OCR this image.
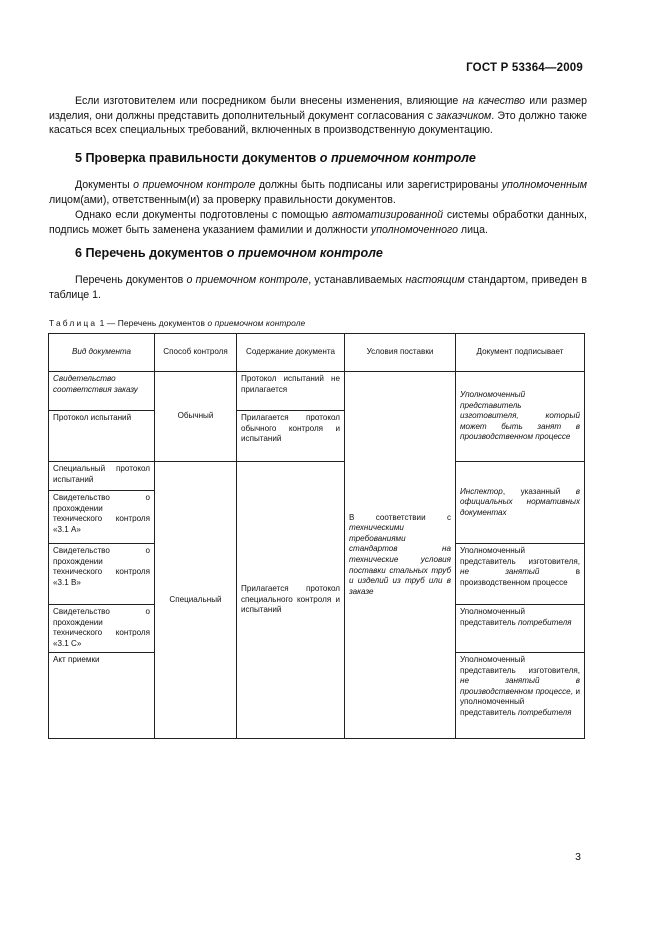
ГОСТ Р 53364—2009
Если изготовителем или посредником были внесены изменения, влияющие на качество или размер изделия, они должны представить дополнительный документ согласования с заказчиком. Это должно также касаться всех специальных требований, включенных в производственную документацию.
5 Проверка правильности документов о приемочном контроле
Документы о приемочном контроле должны быть подписаны или зарегистрированы уполномоченным лицом(ами), ответственным(и) за проверку правильности документов.
Однако если документы подготовлены с помощью автоматизированной системы обработки данных, подпись может быть заменена указанием фамилии и должности уполномоченного лица.
6 Перечень документов о приемочном контроле
Перечень документов о приемочном контроле, устанавливаемых настоящим стандартом, приведен в таблице 1.
Таблица 1 — Перечень документов о приемочном контроле
Вид документа	Способ контроля	Содержание документа	Условия поставки	Документ подписывает
Свидетельство соответствия заказу	Обычный	Протокол испытаний не прилагается	В соответствии с техническими требованиями стандартов на технические условия поставки стальных труб и изделий из труб или в заказе	Уполномоченный представитель изготовителя, который может быть занят в производственном процессе
Протокол испытаний		Прилагается протокол обычного контроля и испытаний		
Специальный протокол испытаний	Специальный	Прилагается протокол специального контроля и испытаний		Инспектор, указанный в официальных нормативных документах
Свидетельство о прохождении технического контроля «3.1 A»				
Свидетельство о прохождении технического контроля «3.1 B»				Уполномоченный представитель изготовителя, не занятый в производственном процессе
Свидетельство о прохождении технического контроля «3.1 C»				Уполномоченный представитель потребителя
Акт приемки				Уполномоченный представитель изготовителя, не занятый в производственном процессе, и уполномоченный представитель потребителя
3
